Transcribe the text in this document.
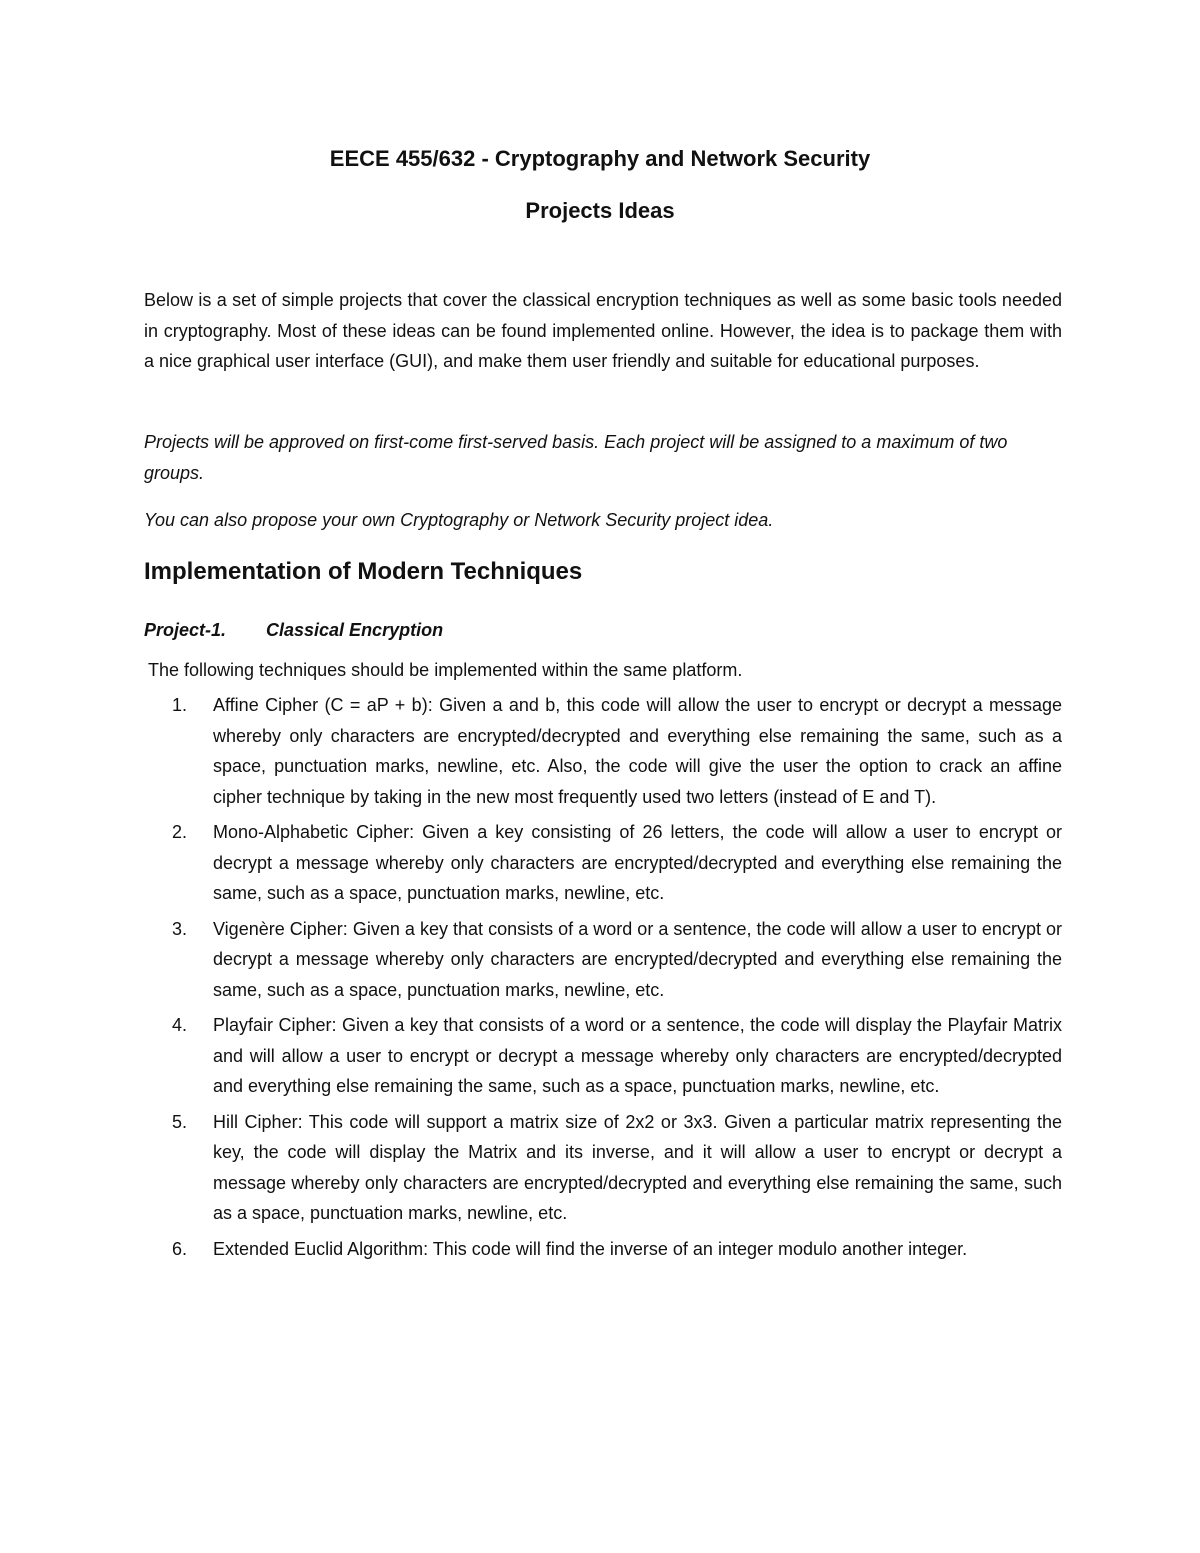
EECE 455/632 - Cryptography and Network Security
Projects Ideas

Below is a set of simple projects that cover the classical encryption techniques as well as some basic tools needed in cryptography. Most of these ideas can be found implemented online. However, the idea is to package them with a nice graphical user interface (GUI), and make them user friendly and suitable for educational purposes.

Projects will be approved on first-come first-served basis. Each project will be assigned to a maximum of two groups.

You can also propose your own Cryptography or Network Security project idea.

Implementation of Modern Techniques
Project-1. Classical Encryption

The following techniques should be implemented within the same platform.

1. Affine Cipher (C = aP + b): Given a and b, this code will allow the user to encrypt or decrypt a message whereby only characters are encrypted/decrypted and everything else remaining the same, such as a space, punctuation marks, newline, etc. Also, the code will give the user the option to crack an affine cipher technique by taking in the new most frequently used two letters (instead of E and T).
2. Mono-Alphabetic Cipher: Given a key consisting of 26 letters, the code will allow a user to encrypt or decrypt a message whereby only characters are encrypted/decrypted and everything else remaining the same, such as a space, punctuation marks, newline, etc.
3. Vigenère Cipher: Given a key that consists of a word or a sentence, the code will allow a user to encrypt or decrypt a message whereby only characters are encrypted/decrypted and everything else remaining the same, such as a space, punctuation marks, newline, etc.
4. Playfair Cipher: Given a key that consists of a word or a sentence, the code will display the Playfair Matrix and will allow a user to encrypt or decrypt a message whereby only characters are encrypted/decrypted and everything else remaining the same, such as a space, punctuation marks, newline, etc.
5. Hill Cipher: This code will support a matrix size of 2x2 or 3x3. Given a particular matrix representing the key, the code will display the Matrix and its inverse, and it will allow a user to encrypt or decrypt a message whereby only characters are encrypted/decrypted and everything else remaining the same, such as a space, punctuation marks, newline, etc.
6. Extended Euclid Algorithm: This code will find the inverse of an integer modulo another integer.
